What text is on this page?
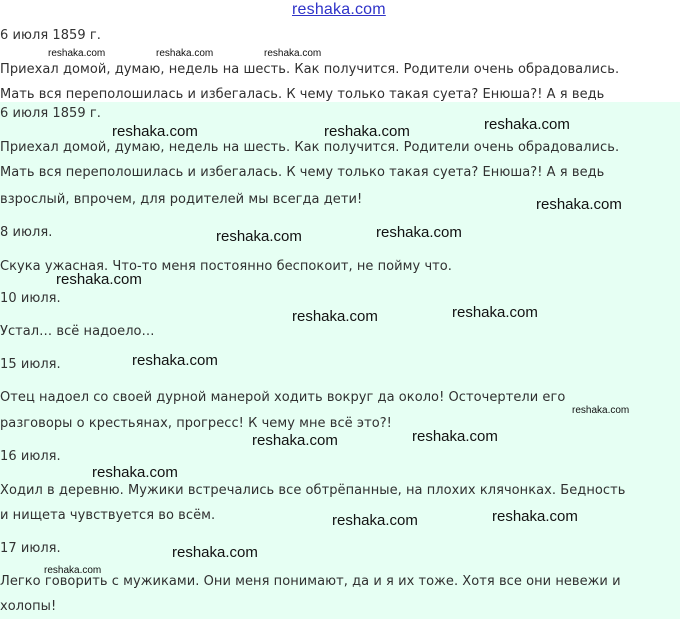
reshaka.com
6 июля 1859 г.
reshaka.com	reshaka.com	reshaka.com
Приехал домой, думаю, недель на шесть. Как получится. Родители очень обрадовались.
Мать вся переполошилась и избегалась. К чему только такая суета? Енюша?! А я ведь
6 июля 1859 г.
Приехал домой, думаю, недель на шесть. Как получится. Родители очень обрадовались.
Мать вся переполошилась и избегалась. К чему только такая суета? Енюша?! А я ведь
взрослый, впрочем, для родителей мы всегда дети!
8 июля.
Скука ужасная. Что-то меня постоянно беспокоит, не пойму что.
10 июля.
Устал… всё надоело…
15 июля.
Отец надоел со своей дурной манерой ходить вокруг да около! Осточертели его
разговоры о крестьянах, прогресс! К чему мне всё это?!
16 июля.
Ходил в деревню. Мужики встречались все обтрёпанные, на плохих клячонках. Бедность
и нищета чувствуется во всём.
17 июля.
Легко говорить с мужиками. Они меня понимают, да и я их тоже. Хотя все они невежи и
холопы!
reshaka.com	reshaka.com	reshaka.com
reshaka.com
reshaka.com	reshaka.com
reshaka.com
reshaka.com	reshaka.com
reshaka.com
reshaka.com
reshaka.com	reshaka.com
reshaka.com
reshaka.com	reshaka.com
reshaka.com
reshaka.com
